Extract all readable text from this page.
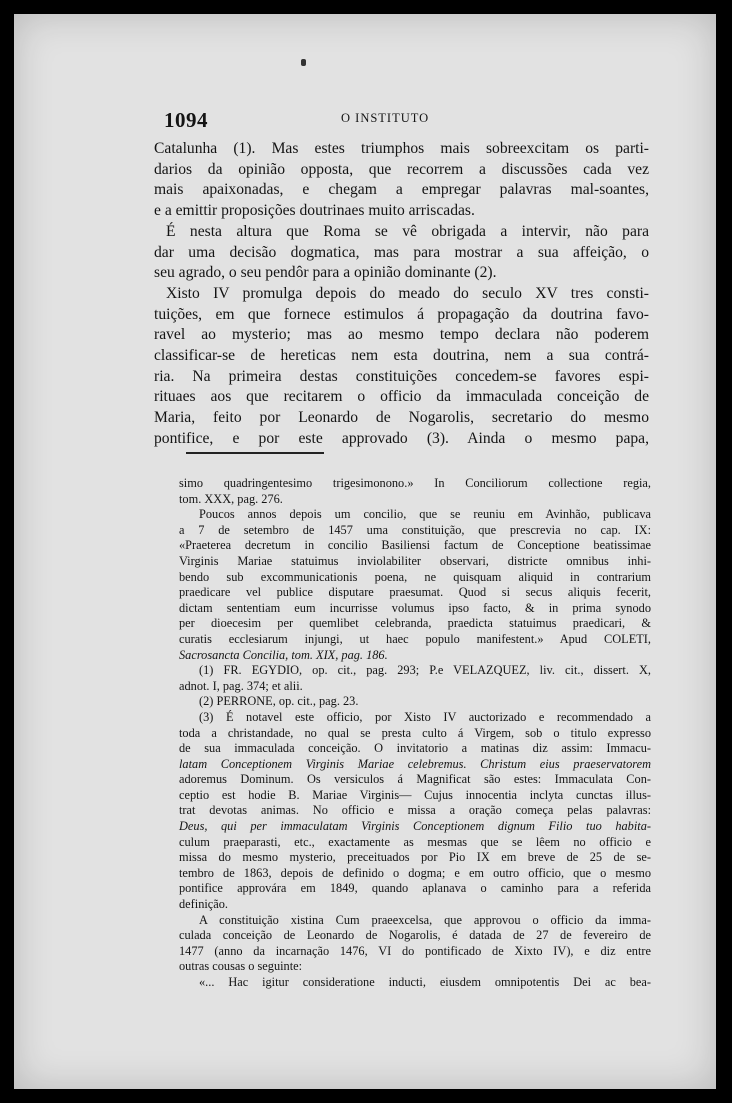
1094	O INSTITUTO
Catalunha (1). Mas estes triumphos mais sobreexcitam os parti-
darios da opinião opposta, que recorrem a discussões cada vez
mais apaixonadas, e chegam a empregar palavras mal-soantes,
e a emittir proposições doutrinaes muito arriscadas.
É nesta altura que Roma se vê obrigada a intervir, não para
dar uma decisão dogmatica, mas para mostrar a sua affeição, o
seu agrado, o seu pendôr para a opinião dominante (2).
Xisto IV promulga depois do meado do seculo XV tres consti-
tuições, em que fornece estimulos á propagação da doutrina favo-
ravel ao mysterio; mas ao mesmo tempo declara não poderem
classificar-se de hereticas nem esta doutrina, nem a sua contrá-
ria. Na primeira destas constituições concedem-se favores espi-
rituaes aos que recitarem o officio da immaculada conceição de
Maria, feito por Leonardo de Nogarolis, secretario do mesmo
pontifice, e por este approvado (3). Ainda o mesmo papa,
simo quadringentesimo trigesimonono.» In Conciliorum collectione regia,
tom. XXX, pag. 276.
Poucos annos depois um concilio, que se reuniu em Avinhão, publicava
a 7 de setembro de 1457 uma constituição, que prescrevia no cap. IX:
«Praeterea decretum in concilio Basiliensi factum de Conceptione beatissimae
Virginis Mariae statuimus inviolabiliter observari, districte omnibus inhi-
bendo sub excommunicationis poena, ne quisquam aliquid in contrarium
praedicare vel publice disputare praesumat. Quod si secus aliquis fecerit,
dictam sententiam eum incurrisse volumus ipso facto, & in prima synodo
per dioecesim per quemlibet celebranda, praedicta statuimus praedicari, &
curatis ecclesiarum injungi, ut haec populo manifestent.» Apud COLETI,
Sacrosancta Concilia, tom. XIX, pag. 186.
(1) FR. EGYDIO, op. cit., pag. 293; P.e VELAZQUEZ, liv. cit., dissert. X,
adnot. I, pag. 374; et alii.
(2) PERRONE, op. cit., pag. 23.
(3) É notavel este officio, por Xisto IV auctorizado e recommendado a
toda a christandade, no qual se presta culto á Virgem, sob o titulo expresso
de sua immaculada conceição. O invitatorio a matinas diz assim: Immacu-
latam Conceptionem Virginis Mariae celebremus. Christum eius praeservatorem
adoremus Dominum. Os versiculos á Magnificat são estes: Immaculata Con-
ceptio est hodie B. Mariae Virginis— Cujus innocentia inclyta cunctas illus-
trat devotas animas. No officio e missa a oração começa pelas palavras:
Deus, qui per immaculatam Virginis Conceptionem dignum Filio tuo habita-
culum praeparasti, etc., exactamente as mesmas que se lêem no officio e
missa do mesmo mysterio, preceituados por Pio IX em breve de 25 de se-
tembro de 1863, depois de definido o dogma; e em outro officio, que o mesmo
pontifice approvára em 1849, quando aplanava o caminho para a referida
definição.
A constituição xistina Cum praeexcelsa, que approvou o officio da imma-
culada conceição de Leonardo de Nogarolis, é datada de 27 de fevereiro de
1477 (anno da incarnação 1476, VI do pontificado de Xixto IV), e diz entre
outras cousas o seguinte:
«... Hac igitur consideratione inducti, eiusdem omnipotentis Dei ac bea-
